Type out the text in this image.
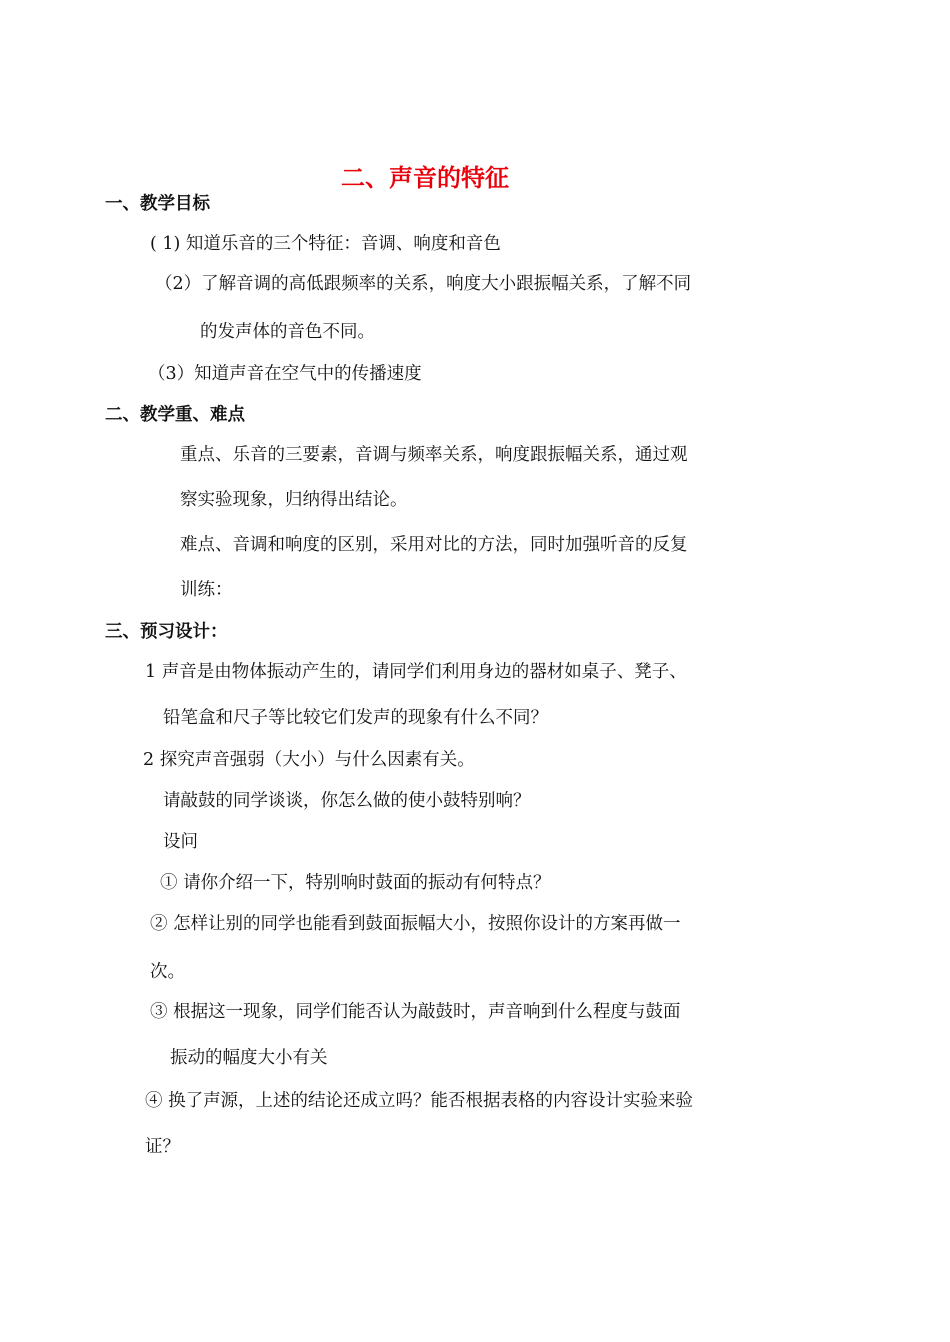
二、声音的特征
一、教学目标
( 1) 知道乐音的三个特征：音调、响度和音色
（2）了解音调的高低跟频率的关系，响度大小跟振幅关系，了解不同
的发声体的音色不同。
（3）知道声音在空气中的传播速度
二、教学重、难点
重点、乐音的三要素，音调与频率关系，响度跟振幅关系，通过观
察实验现象，归纳得出结论。
难点、音调和响度的区别，采用对比的方法，同时加强听音的反复
训练：
三、预习设计：
1 声音是由物体振动产生的，请同学们利用身边的器材如桌子、凳子、
铅笔盒和尺子等比较它们发声的现象有什么不同？
2 探究声音强弱（大小）与什么因素有关。
请敲鼓的同学谈谈，你怎么做的使小鼓特别响？
设问
① 请你介绍一下，特别响时鼓面的振动有何特点？
② 怎样让别的同学也能看到鼓面振幅大小，按照你设计的方案再做一
次。
③ 根据这一现象，同学们能否认为敲鼓时，声音响到什么程度与鼓面
振动的幅度大小有关
④ 换了声源，上述的结论还成立吗？能否根据表格的内容设计实验来验
证？
